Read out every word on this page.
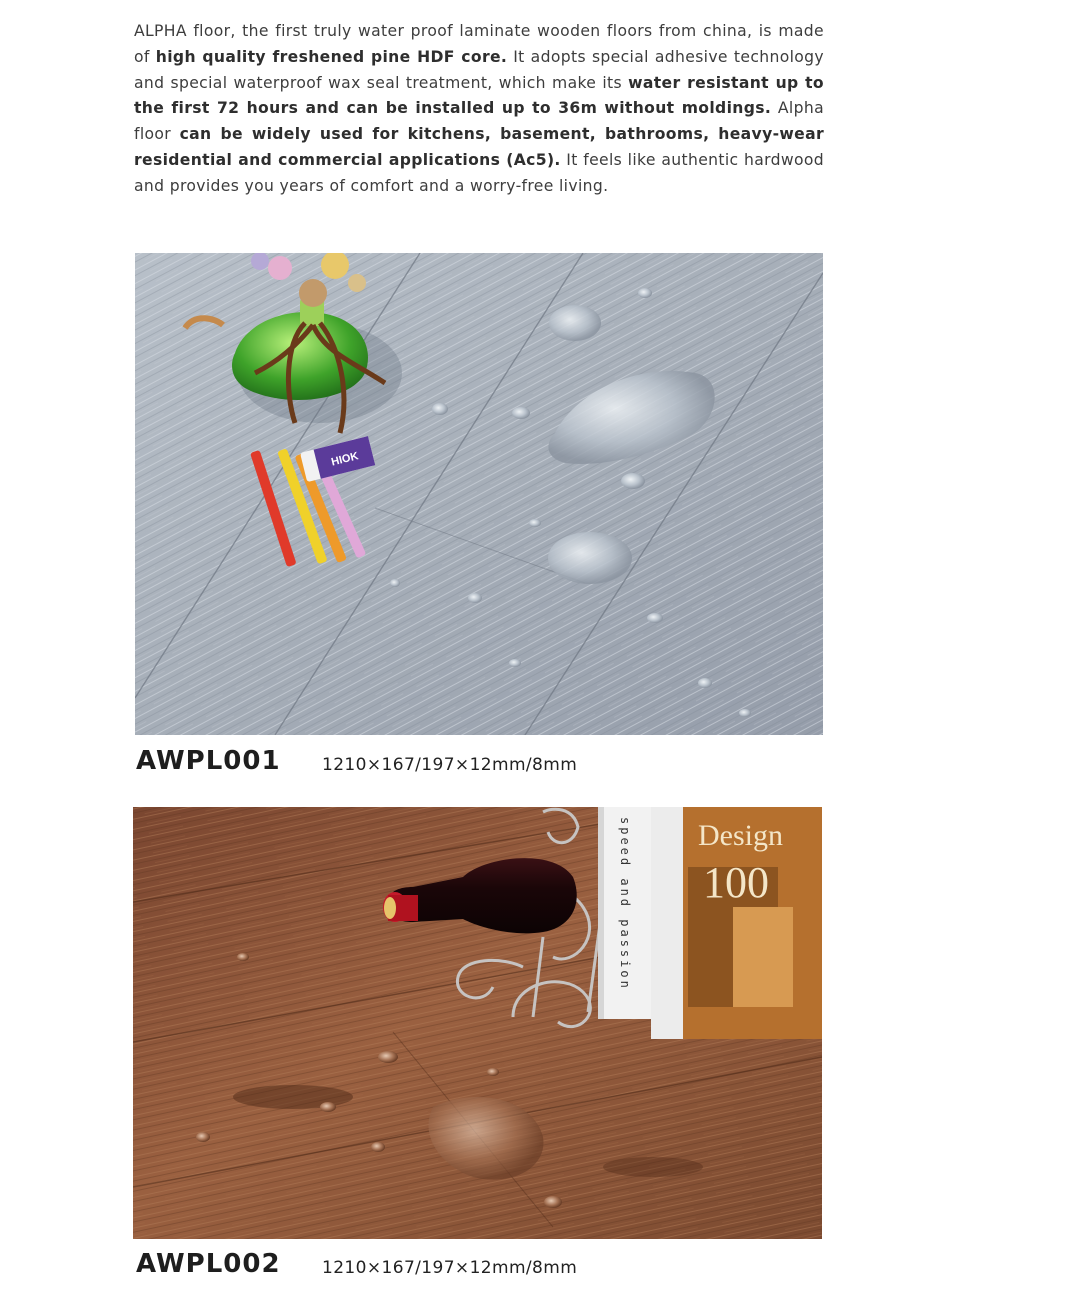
ALPHA floor, the first truly water proof laminate wooden floors from china, is made of high quality freshened pine HDF core. It adopts special adhesive technology and special waterproof wax seal treatment, which make its water resistant up to the first 72 hours and can be installed up to 36m without moldings. Alpha floor can be widely used for kitchens, basement, bathrooms, heavy-wear residential and commercial applications (Ac5). It feels like authentic hardwood and provides you years of comfort and a worry-free living.
HIOK
AWPL001 1210×167/197×12mm/8mm
speed and passion Design
100
AWPL002 1210×167/197×12mm/8mm
